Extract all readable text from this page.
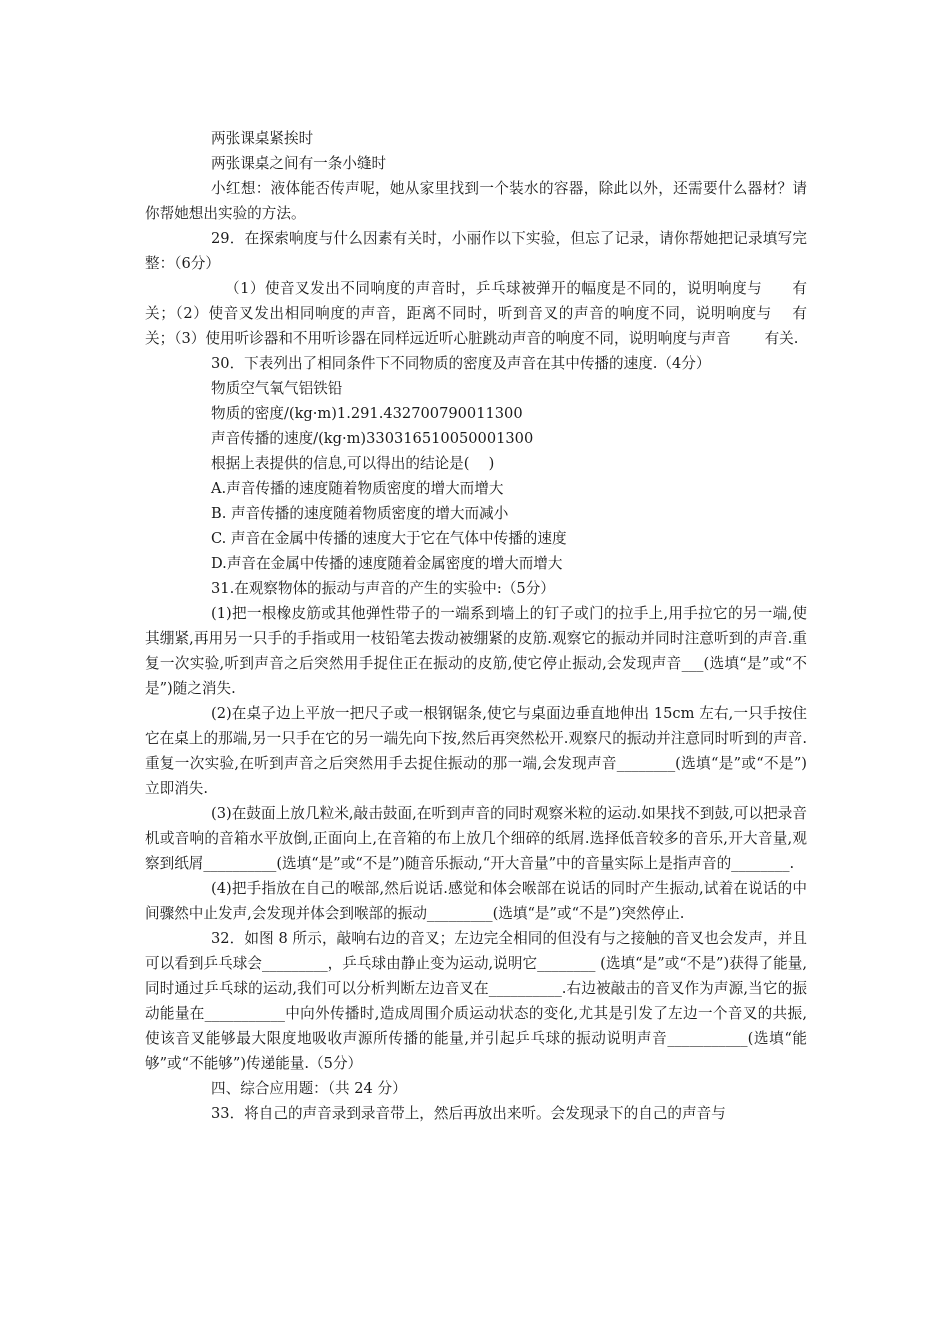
两张课桌紧挨时
两张课桌之间有一条小缝时
小红想：液体能否传声呢，她从家里找到一个装水的容器，除此以外，还需要什么器材？请你帮她想出实验的方法。
29．在探索响度与什么因素有关时，小丽作以下实验，但忘了记录，请你帮她把记录填写完整：（6分）
（1）使音叉发出不同响度的声音时，乒乓球被弹开的幅度是不同的，说明响度与　　有关；（2）使音叉发出相同响度的声音，距离不同时，听到音叉的声音的响度不同，说明响度与　 有关；（3）使用听诊器和不用听诊器在同样远近听心脏跳动声音的响度不同，说明响度与声音　　 有关.
30．下表列出了相同条件下不同物质的密度及声音在其中传播的速度.（4分）
物质空气氧气铝铁铅
物质的密度/(kg·m)1.291.432700790011300
声音传播的速度/(kg·m)330316510050001300
根据上表提供的信息,可以得出的结论是(　 )
A.声音传播的速度随着物质密度的增大而增大
B. 声音传播的速度随着物质密度的增大而减小
C. 声音在金属中传播的速度大于它在气体中传播的速度
D.声音在金属中传播的速度随着金属密度的增大而增大
31.在观察物体的振动与声音的产生的实验中:（5分）
(1)把一根橡皮筋或其他弹性带子的一端系到墙上的钉子或门的拉手上,用手拉它的另一端,使其绷紧,再用另一只手的手指或用一枝铅笔去拨动被绷紧的皮筋.观察它的振动并同时注意听到的声音.重复一次实验,听到声音之后突然用手捉住正在振动的皮筋,使它停止振动,会发现声音___(选填“是”或“不是”)随之消失.
(2)在桌子边上平放一把尺子或一根钢锯条,使它与桌面边垂直地伸出 15cm 左右,一只手按住它在桌上的那端,另一只手在它的另一端先向下按,然后再突然松开.观察尺的振动并注意同时听到的声音.重复一次实验,在听到声音之后突然用手去捉住振动的那一端,会发现声音________(选填“是”或“不是”)立即消失.
(3)在鼓面上放几粒米,敲击鼓面,在听到声音的同时观察米粒的运动.如果找不到鼓,可以把录音机或音响的音箱水平放倒,正面向上,在音箱的布上放几个细碎的纸屑.选择低音较多的音乐,开大音量,观察到纸屑__________(选填“是”或“不是”)随音乐振动,“开大音量”中的音量实际上是指声音的________.
(4)把手指放在自己的喉部,然后说话.感觉和体会喉部在说话的同时产生振动,试着在说话的中间骤然中止发声,会发现并体会到喉部的振动_________(选填“是”或“不是”)突然停止.
32．如图 8 所示，敲响右边的音叉；左边完全相同的但没有与之接触的音叉也会发声，并且可以看到乒乓球会_________，乒乓球由静止变为运动,说明它________ (选填“是”或“不是”)获得了能量,同时通过乒乓球的运动,我们可以分析判断左边音叉在__________.右边被敲击的音叉作为声源,当它的振动能量在___________中向外传播时,造成周围介质运动状态的变化,尤其是引发了左边一个音叉的共振,使该音叉能够最大限度地吸收声源所传播的能量,并引起乒乓球的振动说明声音___________(选填“能够”或“不能够”)传递能量.（5分）
四、综合应用题：（共 24 分）
33．将自己的声音录到录音带上，然后再放出来听。会发现录下的自己的声音与
